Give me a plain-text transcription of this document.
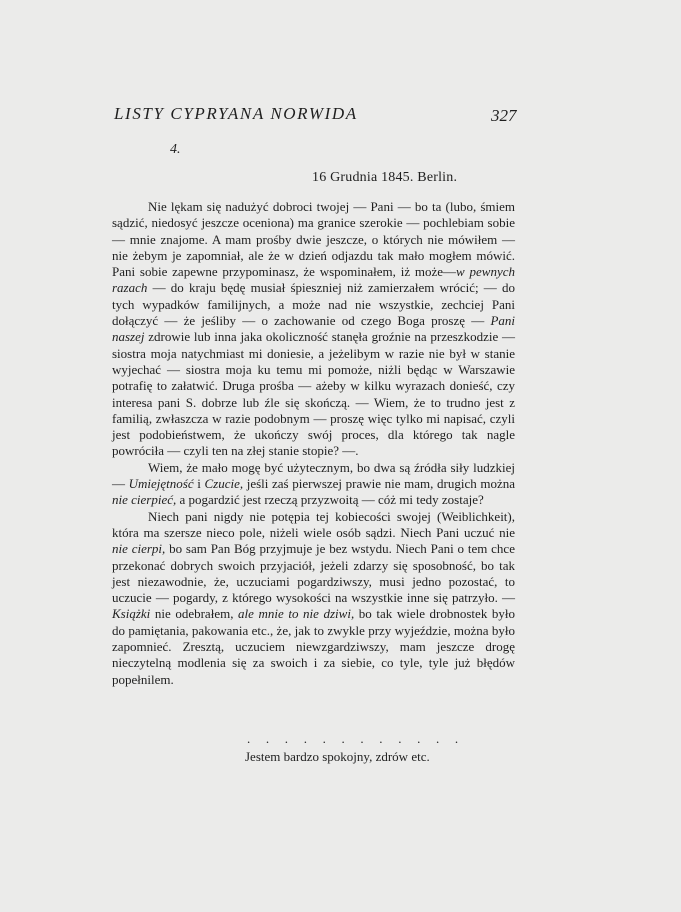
LISTY CYPRYANA NORWIDA	327
4.
16 Grudnia 1845. Berlin.

Nie lękam się nadużyć dobroci twojej — Pani — bo ta (lubo, śmiem sądzić, niedosyć jeszcze oceniona) ma granice szerokie — pochlebiam sobie — mnie znajome. A mam prośby dwie jeszcze, o których nie mówiłem — nie żebym je zapomniał, ale że w dzień odjazdu tak mało mogłem mówić. Pani sobie zapewne przypominasz, że wspominałem, iż może—w pewnych razach — do kraju będę musiał śpieszniej niż zamierzałem wrócić; — do tych wypadków familijnych, a może nad nie wszystkie, zechciej Pani dołączyć — że jeśliby — o zachowanie od czego Boga proszę — Pani naszej zdrowie lub inna jaka okoliczność stanęła groźnie na przeszkodzie — siostra moja natychmiast mi doniesie, a jeżelibym w razie nie był w stanie wyjechać — siostra moja ku temu mi pomoże, niżli będąc w Warszawie potrafię to załatwić. Druga prośba — ażeby w kilku wyrazach donieść, czy interesa pani S. dobrze lub źle się skończą. — Wiem, że to trudno jest z familią, zwłaszcza w razie podobnym — proszę więc tylko mi napisać, czyli jest podobieństwem, że ukończy swój proces, dla którego tak nagle powróciła — czyli ten na złej stanie stopie? —.

Wiem, że mało mogę być użytecznym, bo dwa są źródła siły ludzkiej — Umiejętność i Czucie, jeśli zaś pierwszej prawie nie mam, drugich można nie cierpieć, a pogardzić jest rzeczą przyzwoitą — cóż mi tedy zostaje?

Niech pani nigdy nie potępia tej kobiecości swojej (Weiblichkeit), która ma szersze nieco pole, niżeli wiele osób sądzi. Niech Pani uczuć nie nie cierpi, bo sam Pan Bóg przyjmuje je bez wstydu. Niech Pani o tem chce przekonać dobrych swoich przyjaciół, jeżeli zdarzy się sposobność, bo tak jest niezawodnie, że, uczuciami pogardziwszy, musi jedno pozostać, to uczucie — pogardy, z którego wysokości na wszystkie inne się patrzyło. — Książki nie odebrałem, ale mnie to nie dziwi, bo tak wiele drobnostek było do pamiętania, pakowania etc., że, jak to zwykle przy wyjeździe, można było zapomnieć. Zresztą, uczuciem niewzgardziwszy, mam jeszcze drogę nieczytelną modlenia się za swoich i za siebie, co tyle, tyle już błędów popełnilem.

. . . . . . . . . . . .
Jestem bardzo spokojny, zdrów etc.
